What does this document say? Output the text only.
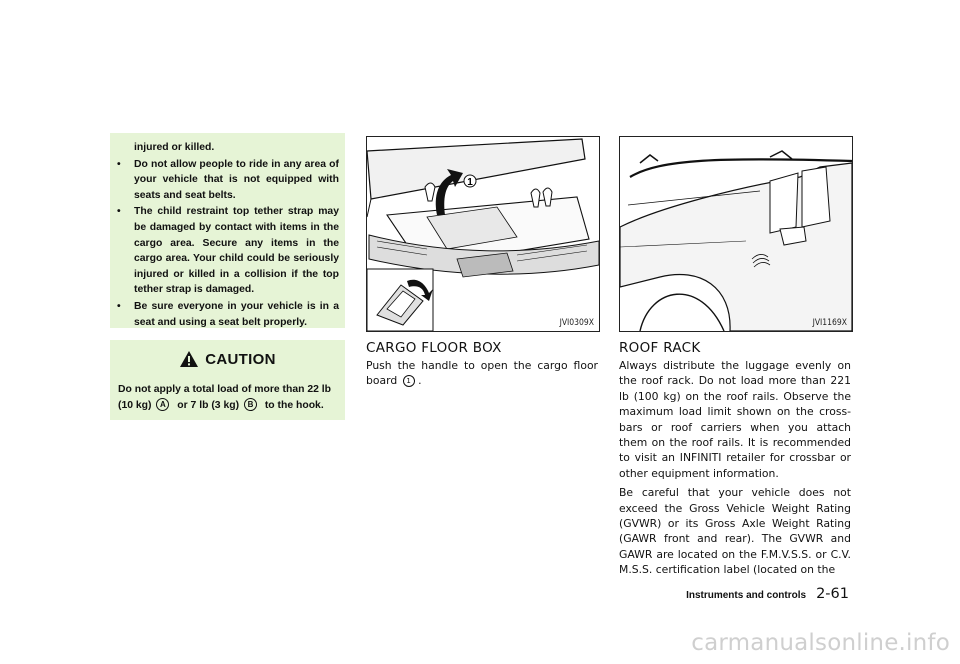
injured or killed.
• Do not allow people to ride in any area of your vehicle that is not equipped with seats and seat belts.
• The child restraint top tether strap may be damaged by contact with items in the cargo area. Secure any items in the cargo area. Your child could be seriously injured or killed in a collision if the top tether strap is damaged.
• Be sure everyone in your vehicle is in a seat and using a seat belt properly.
CAUTION
Do not apply a total load of more than 22 lb (10 kg) A or 7 lb (3 kg) B to the hook.
1
JVI0309X	JVI1169X
CARGO FLOOR BOX
Push the handle to open the cargo floor board 1 .
ROOF RACK

Always distribute the luggage evenly on the roof rack. Do not load more than 221 lb (100 kg) on the roof rails. Observe the maximum load limit shown on the cross-bars or roof carriers when you attach them on the roof rails. It is recommended to visit an INFINITI retailer for crossbar or other equipment information.

Be careful that your vehicle does not exceed the Gross Vehicle Weight Rating (GVWR) or its Gross Axle Weight Rating (GAWR front and rear). The GVWR and GAWR are located on the F.M.V.S.S. or C.V. M.S.S. certification label (located on the

Instruments and controls 2-61
carmanualsonline.info
